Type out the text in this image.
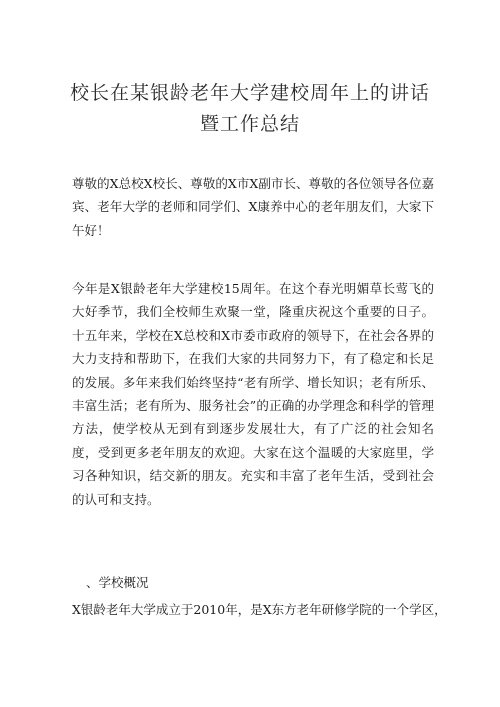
校长在某银龄老年大学建校周年上的讲话
暨工作总结
尊敬的X总校X校长、尊敬的X市X副市长、尊敬的各位领导各位嘉宾、老年大学的老师和同学们、X康养中心的老年朋友们，大家下午好！
今年是X银龄老年大学建校15周年。在这个春光明媚草长莺飞的大好季节，我们全校师生欢聚一堂，隆重庆祝这个重要的日子。十五年来，学校在X总校和X市委市政府的领导下，在社会各界的大力支持和帮助下，在我们大家的共同努力下，有了稳定和长足的发展。多年来我们始终坚持“老有所学、增长知识；老有所乐、丰富生活；老有所为、服务社会”的正确的办学理念和科学的管理方法，使学校从无到有到逐步发展壮大，有了广泛的社会知名度，受到更多老年朋友的欢迎。大家在这个温暖的大家庭里，学习各种知识，结交新的朋友。充实和丰富了老年生活，受到社会的认可和支持。
、学校概况
X银龄老年大学成立于2010年，是X东方老年研修学院的一个学区，
